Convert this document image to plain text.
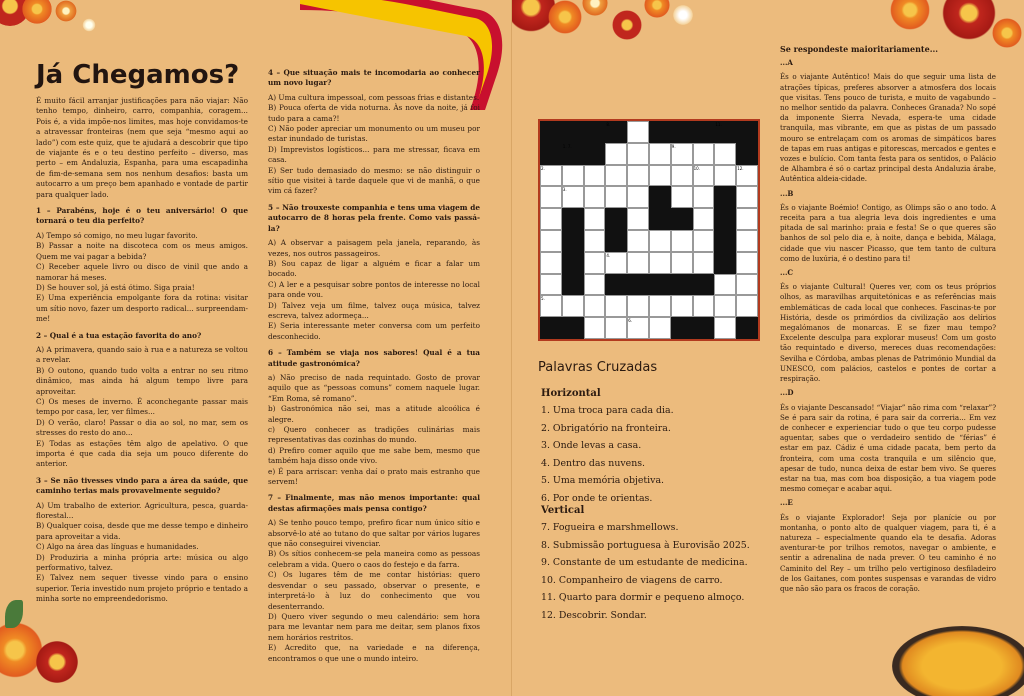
Já Chegamos?

É muito fácil arranjar justificações para não viajar: Não tenho tempo, dinheiro, carro, companhia, coragem... Pois é, a vida impõe-nos limites, mas hoje convidamos-te a atravessar fronteiras (nem que seja “mesmo aqui ao lado”) com este quiz, que te ajudará a descobrir que tipo de viajante és e o teu destino perfeito – diverso, mas perto – em Andaluzia, Espanha, para uma escapadinha de fim-de-semana sem nos nenhum desafios: basta um autocarro a um preço bem apanhado e vontade de partir para qualquer lado.

1 – Parabéns, hoje é o teu aniversário! O que tornará o teu dia perfeito?

A) Tempo só comigo, no meu lugar favorito.

B) Passar a noite na discoteca com os meus amigos. Quem me vai pagar a bebida?

C) Receber aquele livro ou disco de vinil que ando a namorar há meses.

D) Se houver sol, já está ótimo. Siga praia!

E) Uma experiência empolgante fora da rotina: visitar um sítio novo, fazer um desporto radical... surpreendam-me!

2 – Qual é a tua estação favorita do ano?

A) A primavera, quando saio à rua e a natureza se voltou a revelar.

B) O outono, quando tudo volta a entrar no seu ritmo dinâmico, mas ainda há algum tempo livre para aproveitar.

C) Os meses de inverno. É aconchegante passar mais tempo por casa, ler, ver filmes...

D) O verão, claro! Passar o dia ao sol, no mar, sem os stresses do resto do ano...

E) Todas as estações têm algo de apelativo. O que importa é que cada dia seja um pouco diferente do anterior.

3 – Se não tivesses vindo para a área da saúde, que caminho terias mais provavelmente seguido?

A) Um trabalho de exterior. Agricultura, pesca, guarda-florestal...

B) Qualquer coisa, desde que me desse tempo e dinheiro para aproveitar a vida.

C) Algo na área das línguas e humanidades.

D) Produziria a minha própria arte: música ou algo performativo, talvez.

E) Talvez nem sequer tivesse vindo para o ensino superior. Teria investido num projeto próprio e tentado a minha sorte no empreendedorismo.

4 – Que situação mais te incomodaria ao conhecer um novo lugar?

A) Uma cultura impessoal, com pessoas frias e distantes.

B) Pouca oferta de vida noturna. Às nove da noite, já foi tudo para a cama?!

C) Não poder apreciar um monumento ou um museu por estar inundado de turistas.

D) Imprevistos logísticos... para me stressar, ficava em casa.

E) Ser tudo demasiado do mesmo: se não distinguir o sítio que visitei à tarde daquele que vi de manhã, o que vim cá fazer?

5 – Não trouxeste companhia e tens uma viagem de autocarro de 8 horas pela frente. Como vais passá-la?

A) A observar a paisagem pela janela, reparando, às vezes, nos outros passageiros.

B) Sou capaz de ligar a alguém e ficar a falar um bocado.

C) A ler e a pesquisar sobre pontos de interesse no local para onde vou.

D) Talvez veja um filme, talvez ouça música, talvez escreva, talvez adormeça...

E) Seria interessante meter conversa com um perfeito desconhecido.

6 – Também se viaja nos sabores! Qual é a tua atitude gastronómica?

a) Não preciso de nada requintado. Gosto de provar aquilo que as “pessoas comuns” comem naquele lugar. “Em Roma, sê romano”.

b) Gastronómica não sei, mas a atitude alcoólica é alegre.

c) Quero conhecer as tradições culinárias mais representativas das cozinhas do mundo.

d) Prefiro comer aquilo que me sabe bem, mesmo que também haja disso onde vivo.

e) É para arriscar: venha daí o prato mais estranho que servem!

7 – Finalmente, mas não menos importante: qual destas afirmações mais pensa contigo?

A) Se tenho pouco tempo, prefiro ficar num único sítio e absorvê-lo até ao tutano do que saltar por vários lugares que não conseguirei vivenciar.

B) Os sítios conhecem-se pela maneira como as pessoas celebram a vida. Quero o caos do festejo e da farra.

C) Os lugares têm de me contar histórias: quero desvendar o seu passado, observar o presente, e interpretá-lo à luz do conhecimento que vou desenterrando.

D) Quero viver segundo o meu calendário: sem hora para me levantar nem para me deitar, sem planos fixos nem horários restritos.

E) Acredito que, na variedade e na diferença, encontramos o que une o mundo inteiro.

8.	11.
1. 7.	9.
2.	10.	12.
3.
4.
5.
6.
Palavras Cruzadas
Horizontal
1. Uma troca para cada dia.
2. Obrigatório na fronteira.
3. Onde levas a casa.
4. Dentro das nuvens.
5. Uma memória objetiva.
6. Por onde te orientas.
Vertical
7. Fogueira e marshmellows.
8. Submissão portuguesa à Eurovisão 2025.
9. Constante de um estudante de medicina.
10. Companheiro de viagens de carro.
11. Quarto para dormir e pequeno almoço.
12. Descobrir. Sondar.

Se respondeste maioritariamente...

...A

És o viajante Autêntico! Mais do que seguir uma lista de atrações típicas, preferes absorver a atmosfera dos locais que visitas. Tens pouco de turista, e muito de vagabundo – no melhor sentido da palavra. Conheces Granada? No sopé da imponente Sierra Nevada, espera-te uma cidade tranquila, mas vibrante, em que as pistas de um passado mouro se entrelaçam com os aromas de simpáticos bares de tapas em ruas antigas e pitorescas, mercados e gentes e vozes e bulício. Com tanta festa para os sentidos, o Palácio de Alhambra é só o cartaz principal desta Andaluzia árabe, Autêntica aldeia-cidade.

...B

És o viajante Boémio! Contigo, as Olimps são o ano todo. A receita para a tua alegria leva dois ingredientes e uma pitada de sal marinho: praia e festa! Se o que queres são banhos de sol pelo dia e, à noite, dança e bebida, Málaga, cidade que viu nascer Picasso, que tem tanto de cultura como de luxúria, é o destino para ti!

...C

És o viajante Cultural! Queres ver, com os teus próprios olhos, as maravilhas arquitetónicas e as referências mais emblemáticas de cada local que conheces. Fascinas-te por História, desde os primórdios da civilização aos delírios megalómanos de monarcas. E se fizer mau tempo? Excelente desculpa para explorar museus! Com um gosto tão requintado e diverso, mereces duas recomendações: Sevilha e Córdoba, ambas plenas de Património Mundial da UNESCO, com palácios, castelos e pontes de cortar a respiração.

...D

És o viajante Descansado! “Viajar” não rima com “relaxar”? Se é para sair da rotina, é para sair da correria... Em vez de conhecer e experienciar tudo o que teu corpo pudesse aguentar, sabes que o verdadeiro sentido de “férias” é estar em paz. Cádiz é uma cidade pacata, bem perto da fronteira, com uma costa tranquila e um silêncio que, apesar de tudo, nunca deixa de estar bem vivo. Se queres estar na tua, mas com boa disposição, a tua viagem pode mesmo começar e acabar aqui.

...E

És o viajante Explorador! Seja por planície ou por montanha, o ponto alto de qualquer viagem, para ti, é a natureza – especialmente quando ela te desafia. Adoras aventurar-te por trilhos remotos, navegar o ambiente, e sentir a adrenalina de nada prever. O teu caminho é no Caminito del Rey – um trilho pelo vertiginoso desfiladeiro de los Gaitanes, com pontes suspensas e varandas de vidro que não são para os fracos de coração.
